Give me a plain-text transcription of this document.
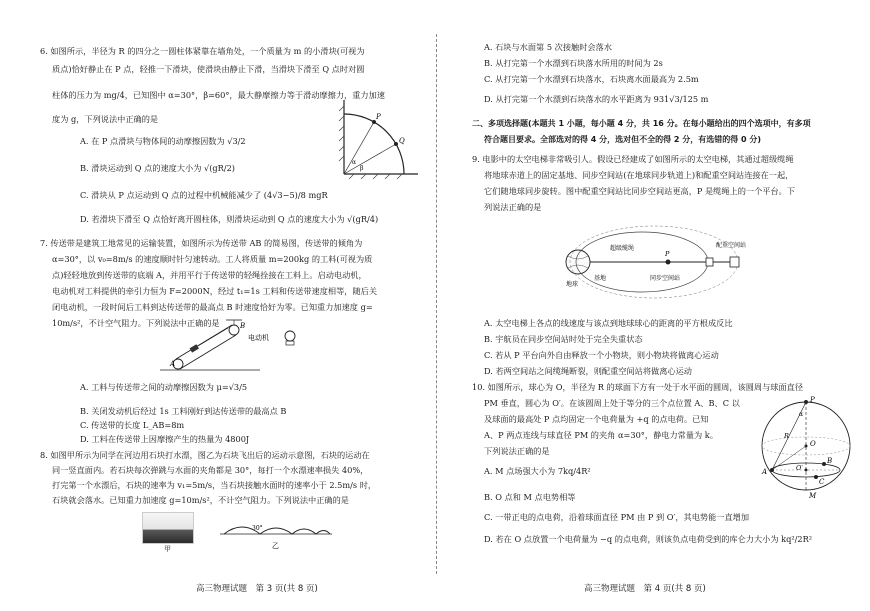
6. 如图所示，半径为 R 的四分之一圆柱体紧靠在墙角处，一个质量为 m 的小滑块(可视为
质点)恰好静止在 P 点，轻推一下滑块，使滑块由静止下滑，当滑块下滑至 Q 点时对圆
柱体的压力为 mg/4，已知图中 α=30°，β=60°，最大静摩擦力等于滑动摩擦力，重力加速
度为 g，下列说法中正确的是
A. 在 P 点滑块与物体间的动摩擦因数为 √3/2
B. 滑块运动到 Q 点的速度大小为 √(gR/2)
C. 滑块从 P 点运动到 Q 点的过程中机械能减少了 (4√3−5)/8 mgR
D. 若滑块下滑至 Q 点恰好离开圆柱体，则滑块运动到 Q 点的速度大小为 √(gR/4)
P
Q
α
β
7. 传送带是建筑工地常见的运输装置，如图所示为传送带 AB 的简易图，传送带的倾角为
α=30°，以 v₀=8m/s 的速度顺时针匀速转动。工人将质量 m=200kg 的工料(可视为质
点)轻轻地放到传送带的底端 A，并用平行于传送带的轻绳拴接在工料上。启动电动机，
电动机对工料提供的牵引力恒为 F=2000N，经过 t₁=1s 工料和传送带速度相等，随后关
闭电动机，一段时间后工料到达传送带的最高点 B 时速度恰好为零。已知重力加速度 g=
10m/s²，不计空气阻力。下列说法中正确的是
A
B
电动机
A. 工料与传送带之间的动摩擦因数为 μ=√3/5
B. 关闭发动机后经过 1s 工料刚好到达传送带的最高点 B
C. 传送带的长度 L_AB=8m
D. 工料在传送带上因摩擦产生的热量为 4800J
8. 如图甲所示为同学在河边用石块打水漂，图乙为石块飞出后的运动示意图，石块的运动在
同一竖直面内。若石块每次弹跳与水面的夹角都是 30°，每打一个水漂速率损失 40%，
打完第一个水漂后，石块的速率为 v₁=5m/s，当石块接触水面时的速率小于 2.5m/s 时，
石块就会落水。已知重力加速度 g=10m/s²，不计空气阻力。下列说法中正确的是
甲
30°
乙
高三物理试题　第 3 页(共 8 页)
A. 石块与水面第 5 次接触时会落水
B. 从打完第一个水漂到石块落水所用的时间为 2s
C. 从打完第一个水漂到石块落水，石块离水面最高为 2.5m
D. 从打完第一个水漂到石块落水的水平距离为 931√3/125 m
二、多项选择题(本题共 1 小题，每小题 4 分，共 16 分。在每小题给出的四个选项中，有多项
符合题目要求。全部选对的得 4 分，选对但不全的得 2 分，有选错的得 0 分)
9. 电影中的太空电梯非常吸引人。假设已经建成了如图所示的太空电梯，其通过超级缆绳
将地球赤道上的固定基地、同步空间站(在地球同步轨道上)和配重空间站连接在一起，
它们随地球同步旋转。图中配重空间站比同步空间站更高，P 是缆绳上的一个平台。下
列说法正确的是
超级缆绳	配重空间站
地球
基地	同步空间站
P
A. 太空电梯上各点的线速度与该点到地球球心的距离的平方根成反比
B. 宇航员在同步空间站时处于完全失重状态
C. 若从 P 平台向外自由释放一个小物块，则小物块将做离心运动
D. 若两空间站之间缆绳断裂，则配重空间站将做离心运动
10. 如图所示，球心为 O，半径为 R 的球面下方有一处于水平面的圆周，该圆周与球面直径
PM 垂直，圆心为 O′。在该圆周上处于等分的三个点位置 A、B、C 以
及球面的最高处 P 点均固定一个电荷量为 +q 的点电荷。已知
A、P 两点连线与球直径 PM 的夹角 α=30°，静电力常量为 k。
下列说法正确的是
A. M 点场强大小为 7kq/4R²
B. O 点和 M 点电势相等
C. 一带正电的点电荷，沿着球面直径 PM 由 P 到 O′，其电势能一直增加
D. 若在 O 点放置一个电荷量为 −q 的点电荷，则该负点电荷受到的库仑力大小为 kq²/2R²
P
O
O′
A
B
C
M
R
α
高三物理试题　第 4 页(共 8 页)
